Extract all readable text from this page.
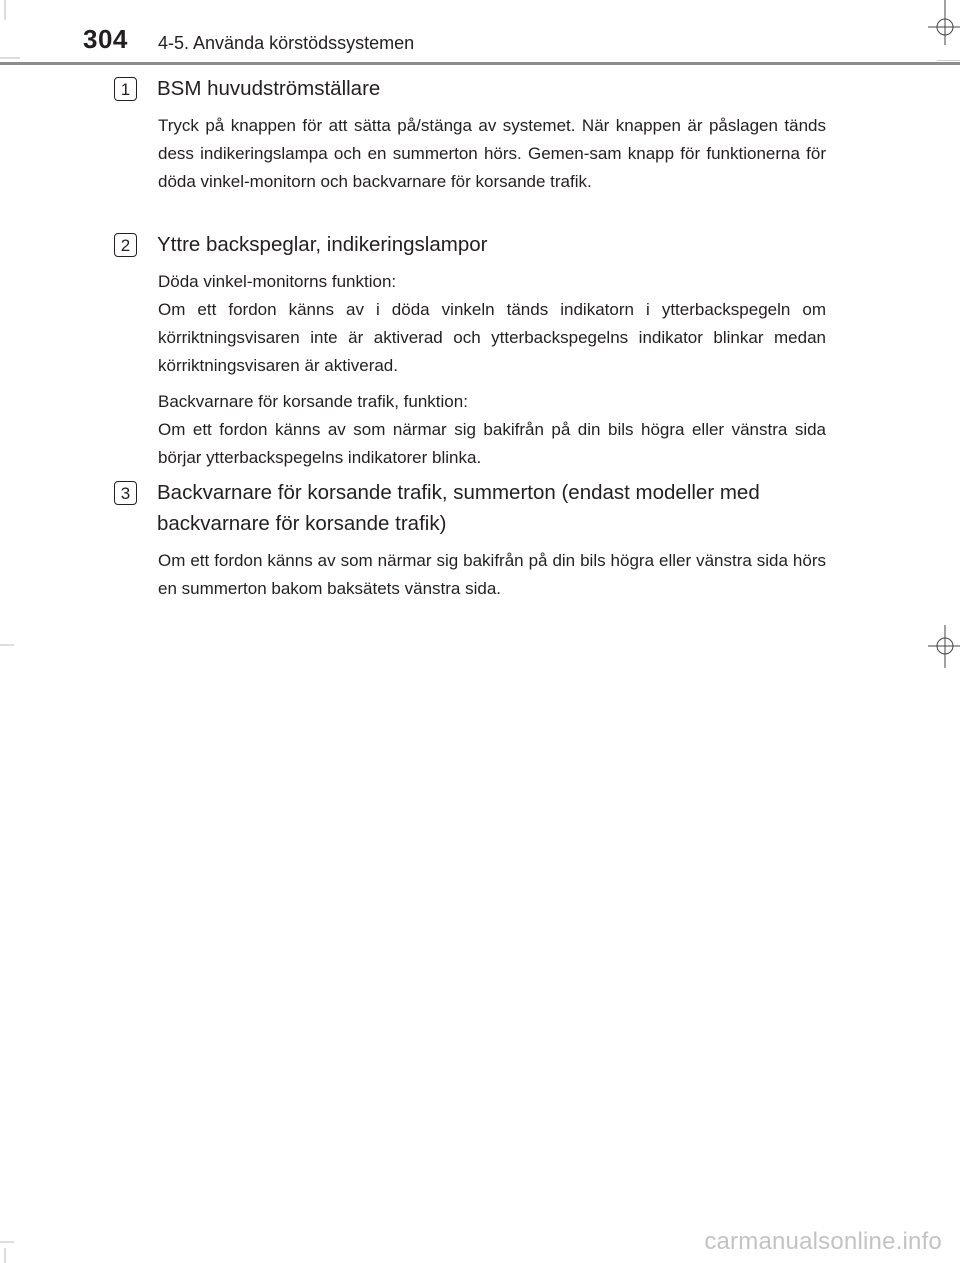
304 4-5. Använda körstödssystemen
1	BSM huvudströmställare
Tryck på knappen för att sätta på/stänga av systemet. När knappen är påslagen tänds dess indikeringslampa och en summerton hörs. Gemen-sam knapp för funktionerna för döda vinkel-monitorn och backvarnare för korsande trafik.
2	Yttre backspeglar, indikeringslampor
Döda vinkel-monitorns funktion:
Om ett fordon känns av i döda vinkeln tänds indikatorn i ytterbackspegeln om körriktningsvisaren inte är aktiverad och ytterbackspegelns indikator blinkar medan körriktningsvisaren är aktiverad.
Backvarnare för korsande trafik, funktion:
Om ett fordon känns av som närmar sig bakifrån på din bils högra eller vänstra sida börjar ytterbackspegelns indikatorer blinka.
3	Backvarnare för korsande trafik, summerton (endast modeller med
backvarnare för korsande trafik)
Om ett fordon känns av som närmar sig bakifrån på din bils högra eller vänstra sida hörs en summerton bakom baksätets vänstra sida.
carmanualsonline.info
